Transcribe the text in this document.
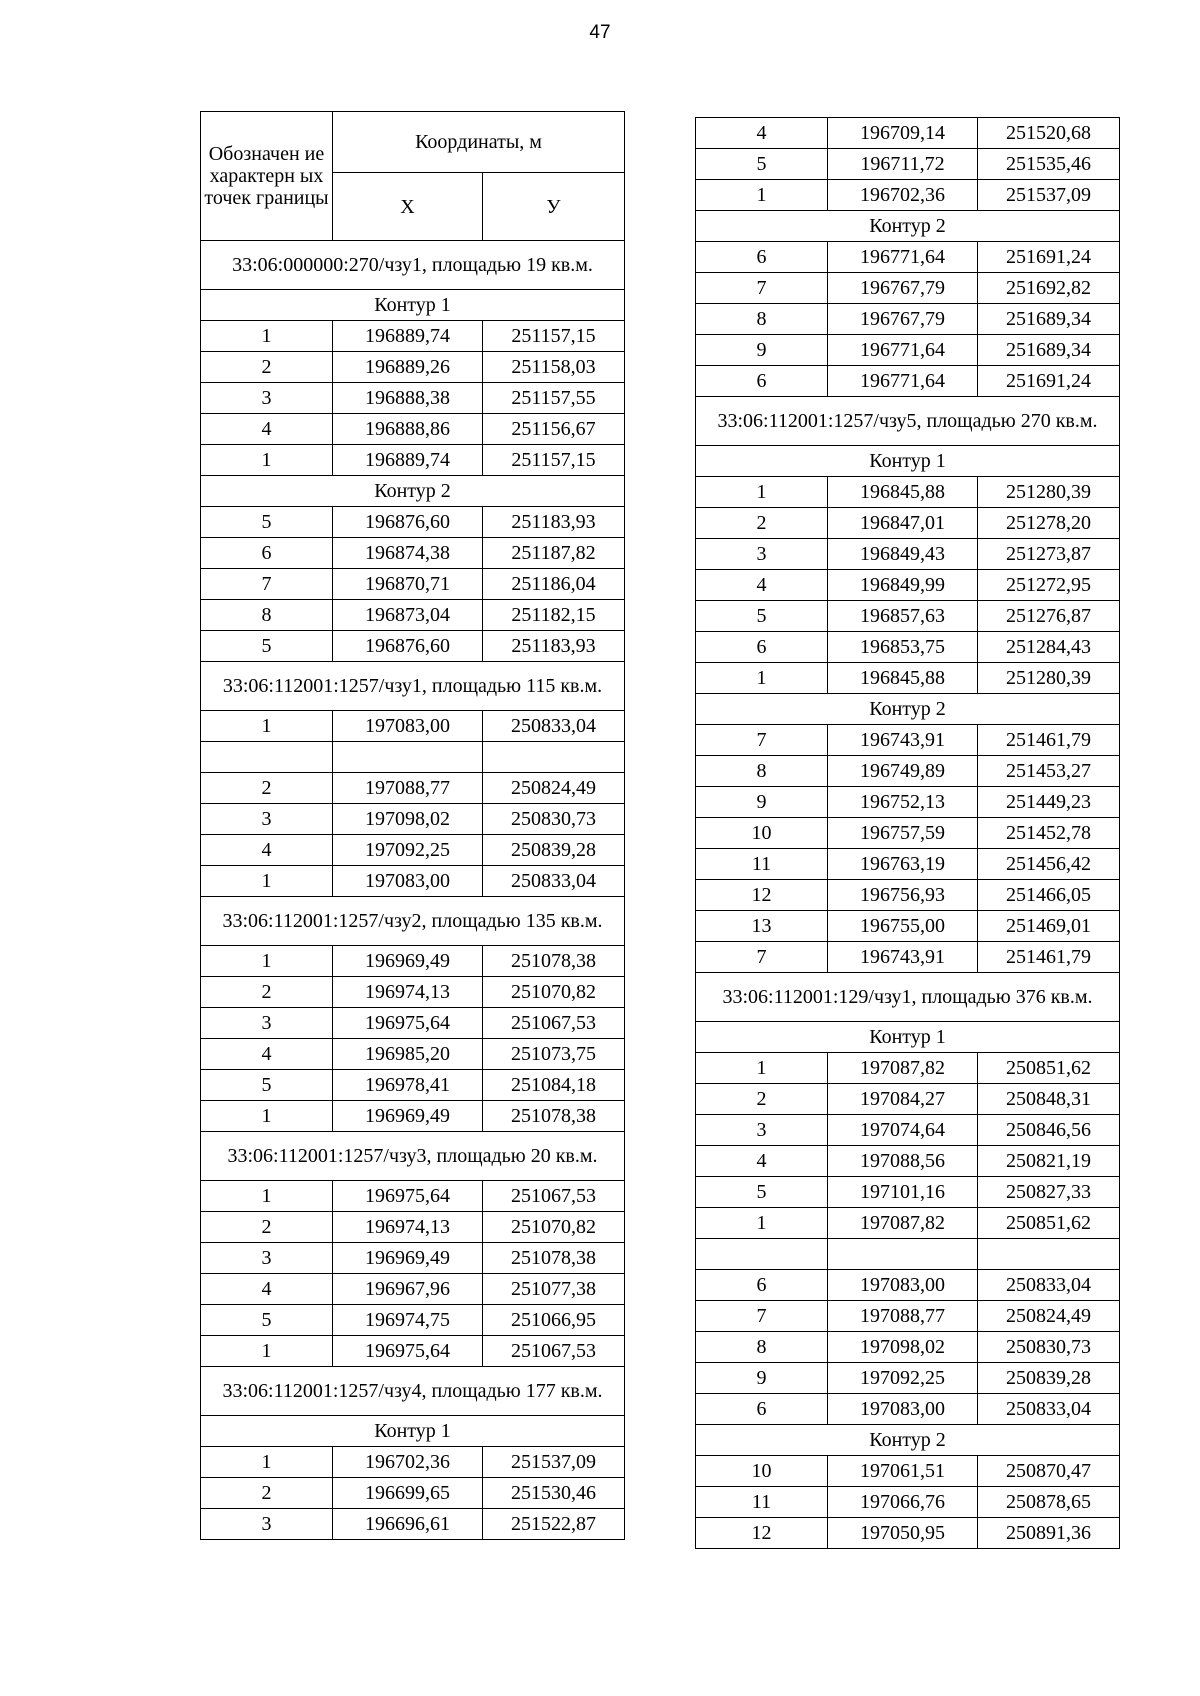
47
Обозначен ие характерн ых точек границы	Координаты, м	
	X	У
33:06:000000:270/чзу1, площадью 19 кв.м.		
Контур 1		
1	196889,74	251157,15
2	196889,26	251158,03
3	196888,38	251157,55
4	196888,86	251156,67
1	196889,74	251157,15
Контур 2		
5	196876,60	251183,93
6	196874,38	251187,82
7	196870,71	251186,04
8	196873,04	251182,15
5	196876,60	251183,93
33:06:112001:1257/чзу1, площадью 115 кв.м.		
1	197083,00	250833,04

2	197088,77	250824,49
3	197098,02	250830,73
4	197092,25	250839,28
1	197083,00	250833,04
33:06:112001:1257/чзу2, площадью 135 кв.м.		
1	196969,49	251078,38
2	196974,13	251070,82
3	196975,64	251067,53
4	196985,20	251073,75
5	196978,41	251084,18
1	196969,49	251078,38
33:06:112001:1257/чзу3, площадью 20 кв.м.		
1	196975,64	251067,53
2	196974,13	251070,82
3	196969,49	251078,38
4	196967,96	251077,38
5	196974,75	251066,95
1	196975,64	251067,53
33:06:112001:1257/чзу4, площадью 177 кв.м.		
Контур 1		
1	196702,36	251537,09
2	196699,65	251530,46
3	196696,61	251522,87
4	196709,14	251520,68
5	196711,72	251535,46
1	196702,36	251537,09
Контур 2		
6	196771,64	251691,24
7	196767,79	251692,82
8	196767,79	251689,34
9	196771,64	251689,34
6	196771,64	251691,24
33:06:112001:1257/чзу5, площадью 270 кв.м.		
Контур 1		
1	196845,88	251280,39
2	196847,01	251278,20
3	196849,43	251273,87
4	196849,99	251272,95
5	196857,63	251276,87
6	196853,75	251284,43
1	196845,88	251280,39
Контур 2		
7	196743,91	251461,79
8	196749,89	251453,27
9	196752,13	251449,23
10	196757,59	251452,78
11	196763,19	251456,42
12	196756,93	251466,05
13	196755,00	251469,01
7	196743,91	251461,79
33:06:112001:129/чзу1, площадью 376 кв.м.		
Контур 1		
1	197087,82	250851,62
2	197084,27	250848,31
3	197074,64	250846,56
4	197088,56	250821,19
5	197101,16	250827,33
1	197087,82	250851,62

6	197083,00	250833,04
7	197088,77	250824,49
8	197098,02	250830,73
9	197092,25	250839,28
6	197083,00	250833,04
Контур 2		
10	197061,51	250870,47
11	197066,76	250878,65
12	197050,95	250891,36
